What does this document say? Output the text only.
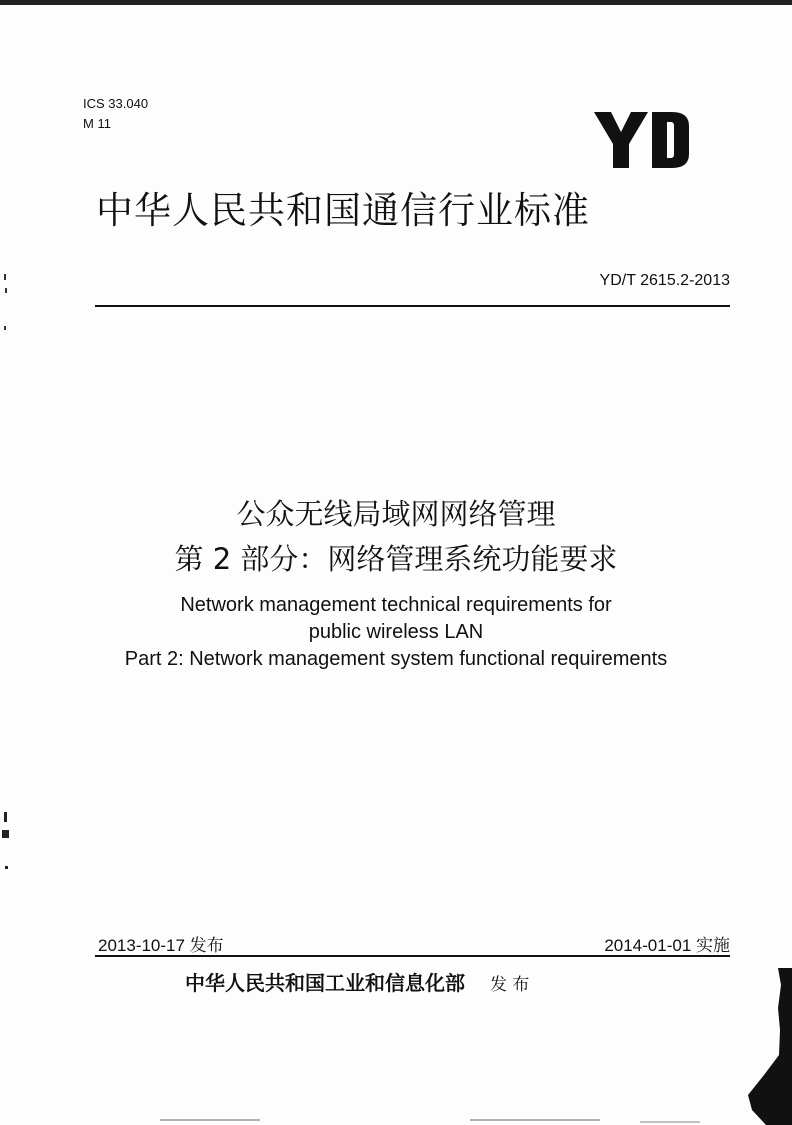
ICS 33.040
M 11
中华人民共和国通信行业标准
YD/T 2615.2-2013
公众无线局域网网络管理
第 2 部分：网络管理系统功能要求
Network management technical requirements for
public wireless LAN
Part 2: Network management system functional requirements
2013-10-17 发布	2014-01-01 实施
中华人民共和国工业和信息化部 发 布
